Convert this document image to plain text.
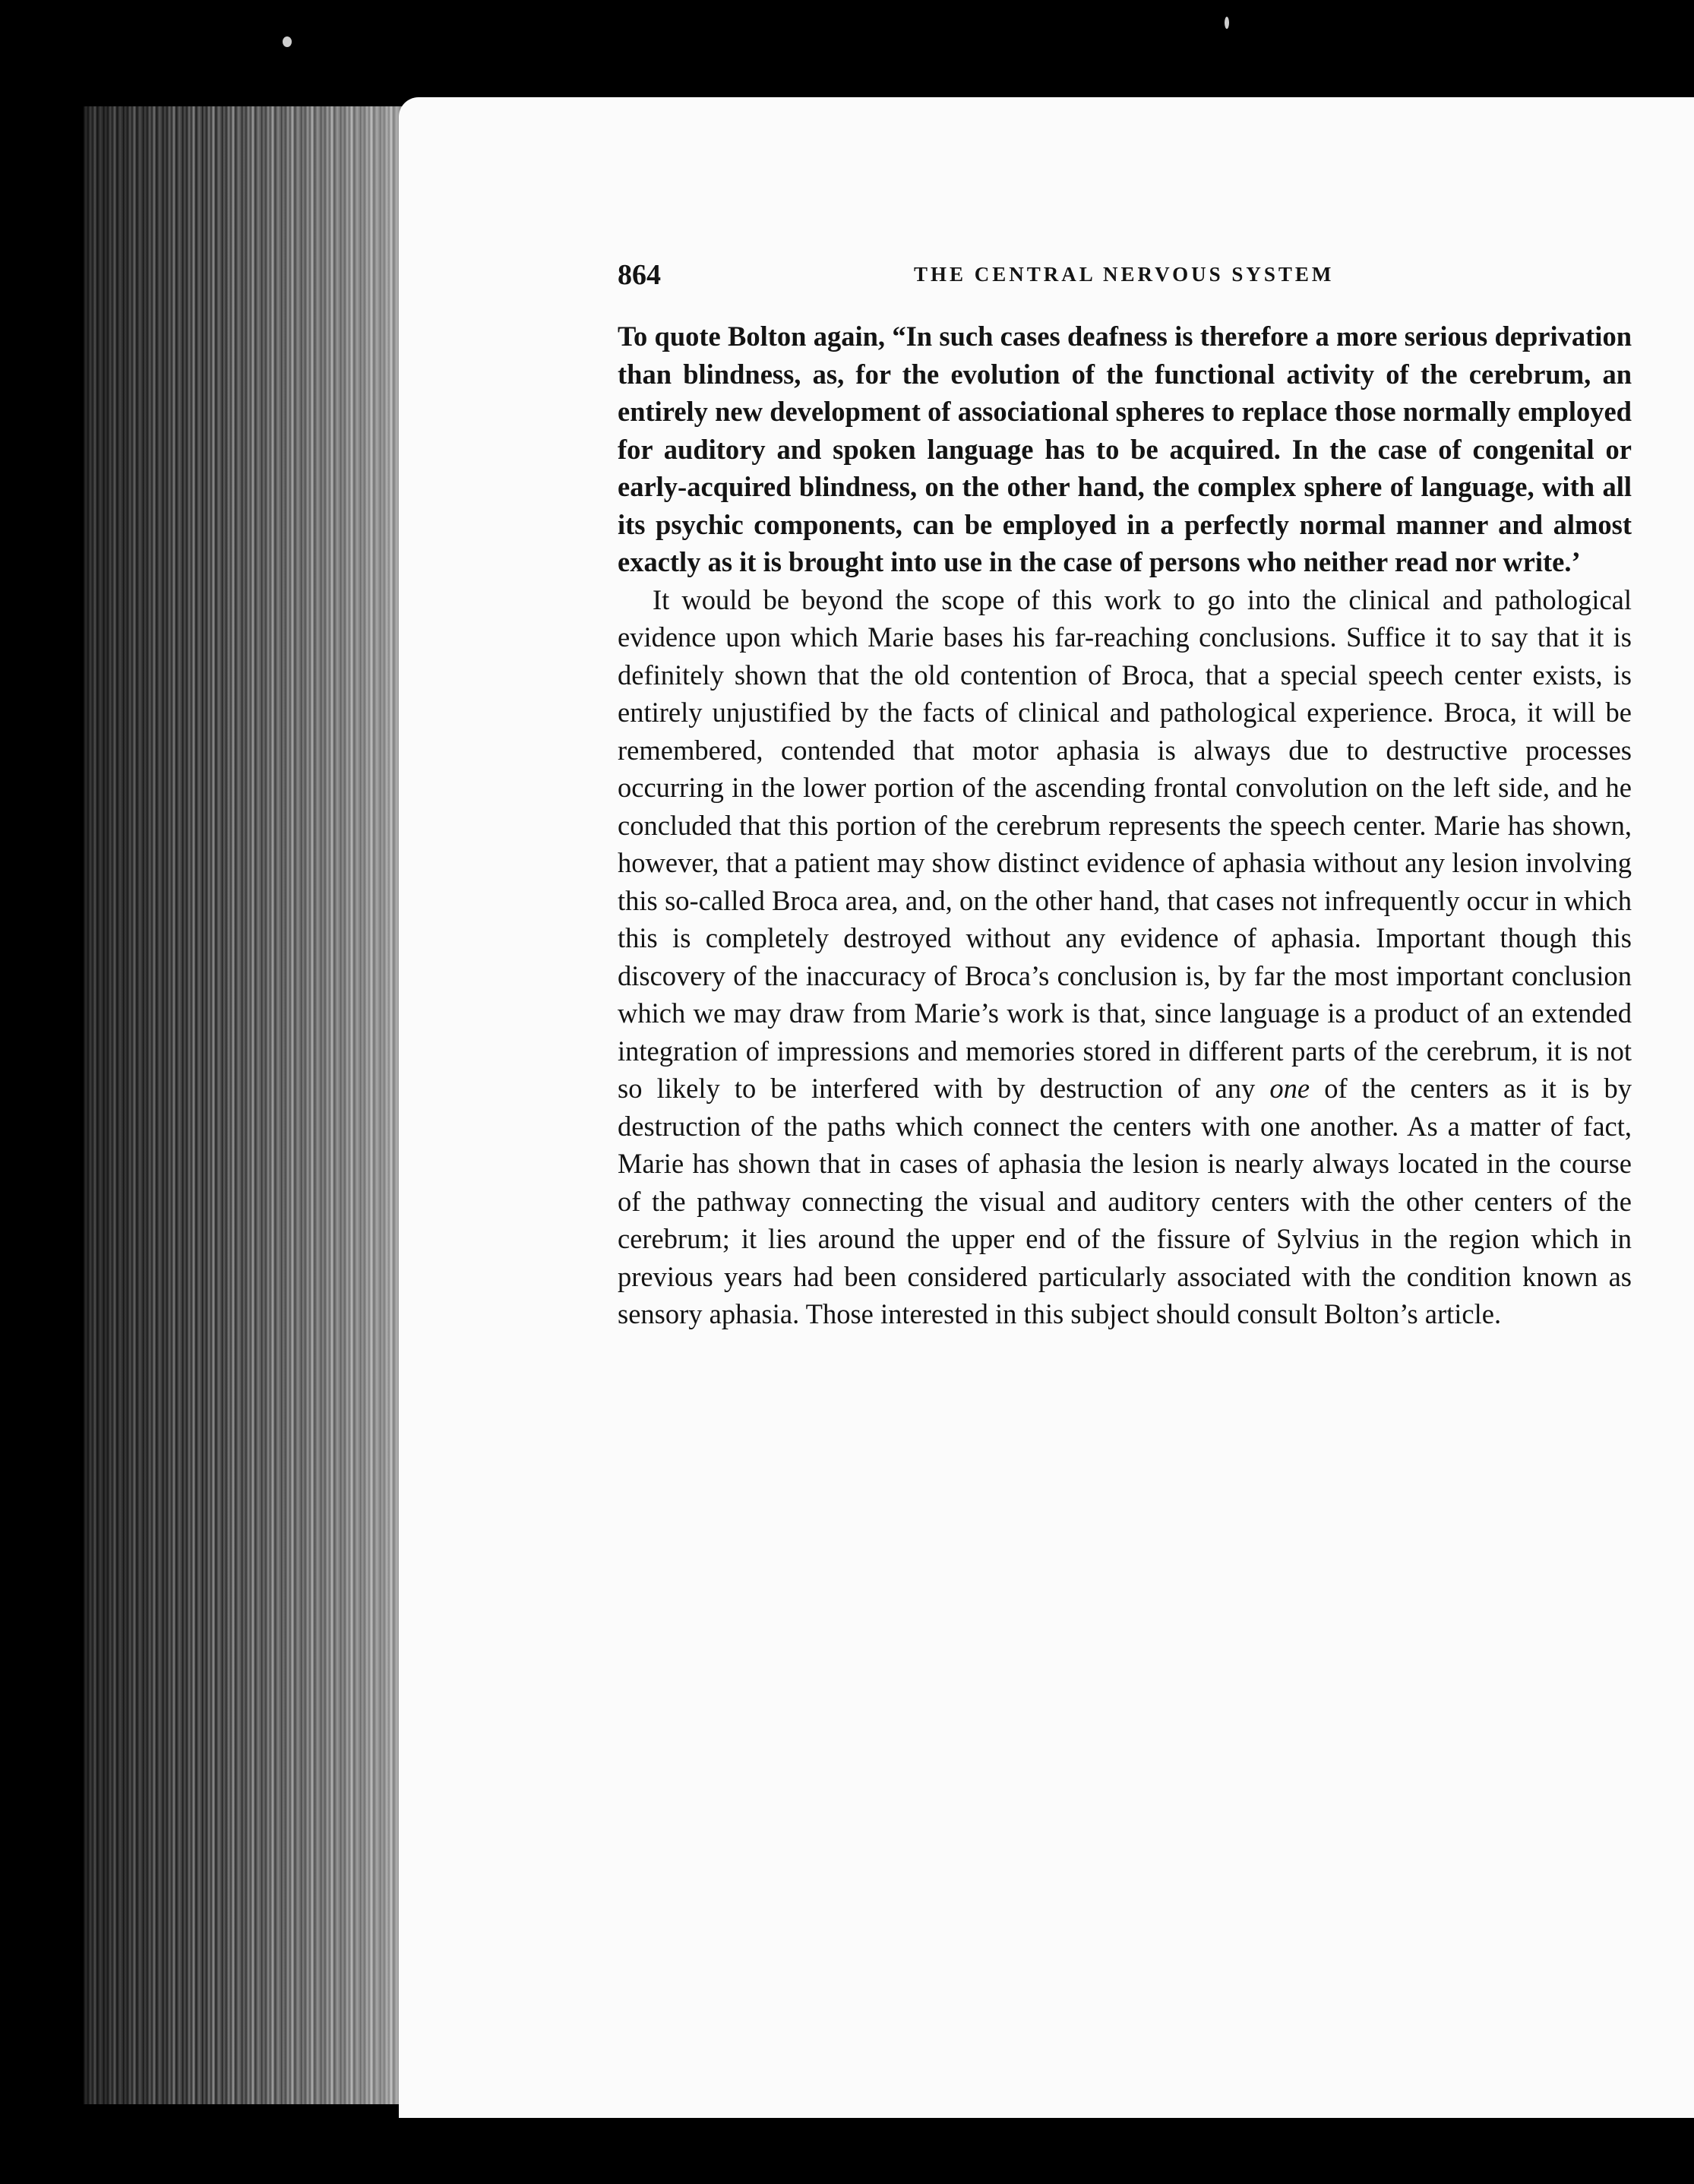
864	THE CENTRAL NERVOUS SYSTEM

To quote Bolton again, “In such cases deafness is therefore a more serious deprivation than blindness, as, for the evolution of the functional activity of the cerebrum, an entirely new development of associational spheres to replace those normally employed for auditory and spoken language has to be acquired. In the case of congenital or early-acquired blindness, on the other hand, the complex sphere of language, with all its psychic components, can be employed in a perfectly normal manner and almost exactly as it is brought into use in the case of persons who neither read nor write.’

It would be beyond the scope of this work to go into the clinical and pathological evidence upon which Marie bases his far-reaching conclusions. Suffice it to say that it is definitely shown that the old contention of Broca, that a special speech center exists, is entirely unjustified by the facts of clinical and pathological experience. Broca, it will be remembered, contended that motor aphasia is always due to destructive processes occurring in the lower portion of the ascending frontal convolution on the left side, and he concluded that this portion of the cerebrum represents the speech center. Marie has shown, however, that a patient may show distinct evidence of aphasia without any lesion involving this so-called Broca area, and, on the other hand, that cases not infrequently occur in which this is completely destroyed without any evidence of aphasia. Important though this discovery of the inaccuracy of Broca’s conclusion is, by far the most important conclusion which we may draw from Marie’s work is that, since language is a product of an extended integration of impressions and memories stored in different parts of the cerebrum, it is not so likely to be interfered with by destruction of any one of the centers as it is by destruction of the paths which connect the centers with one another. As a matter of fact, Marie has shown that in cases of aphasia the lesion is nearly always located in the course of the pathway connecting the visual and auditory centers with the other centers of the cerebrum; it lies around the upper end of the fissure of Sylvius in the region which in previous years had been considered particularly associated with the condition known as sensory aphasia. Those interested in this subject should consult Bolton’s article.
